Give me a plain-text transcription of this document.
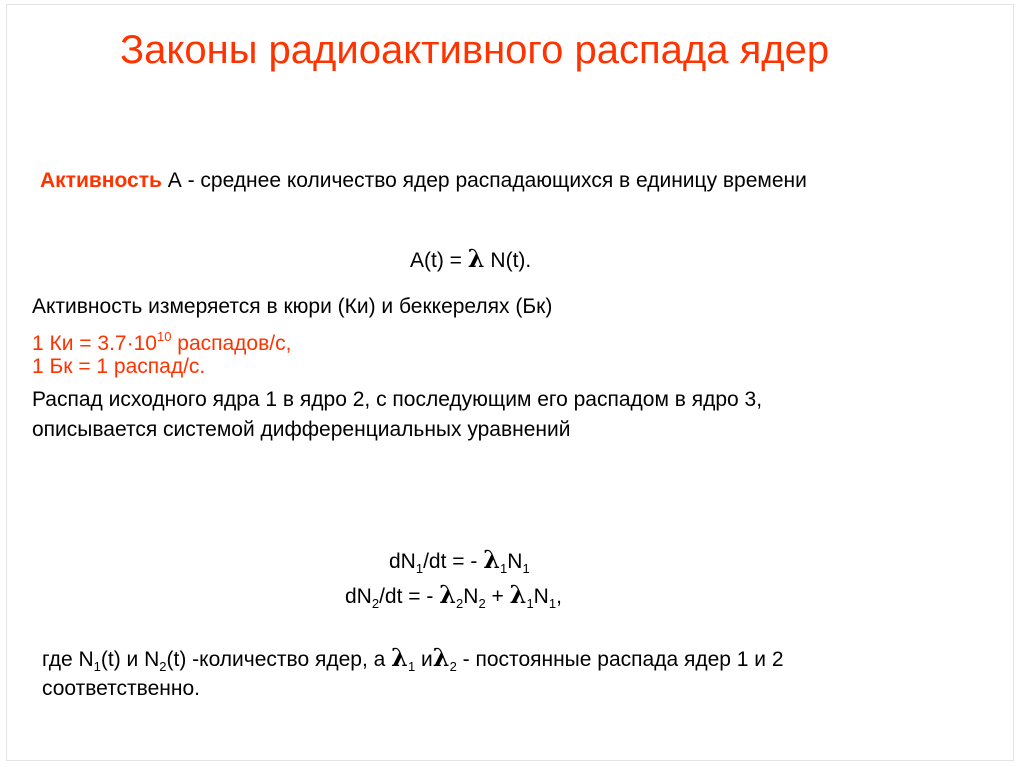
Законы радиоактивного распада ядер
Активность А - среднее количество ядер распадающихся в единицу времени
A(t) = λ N(t).
Активность измеряется в кюри (Ки) и беккерелях (Бк)
1 Ки = $3.7\cdot 10^{10}$ распадов/с,
1 Бк = 1 распад/с.
Распад исходного ядра 1 в ядро 2, с последующим его распадом в ядро 3,
описывается системой дифференциальных уравнений
$dN_1/dt$ = - $\lambda_1N_1$
$dN_2/dt$ = - $\lambda_2N_2 + \lambda_1N_1$,
где $N_1(t)$ и $N_2(t)$ -количество ядер, а $\lambda_1$ $и\lambda_2$ - постоянные распада ядер 1 и 2
соответственно.
